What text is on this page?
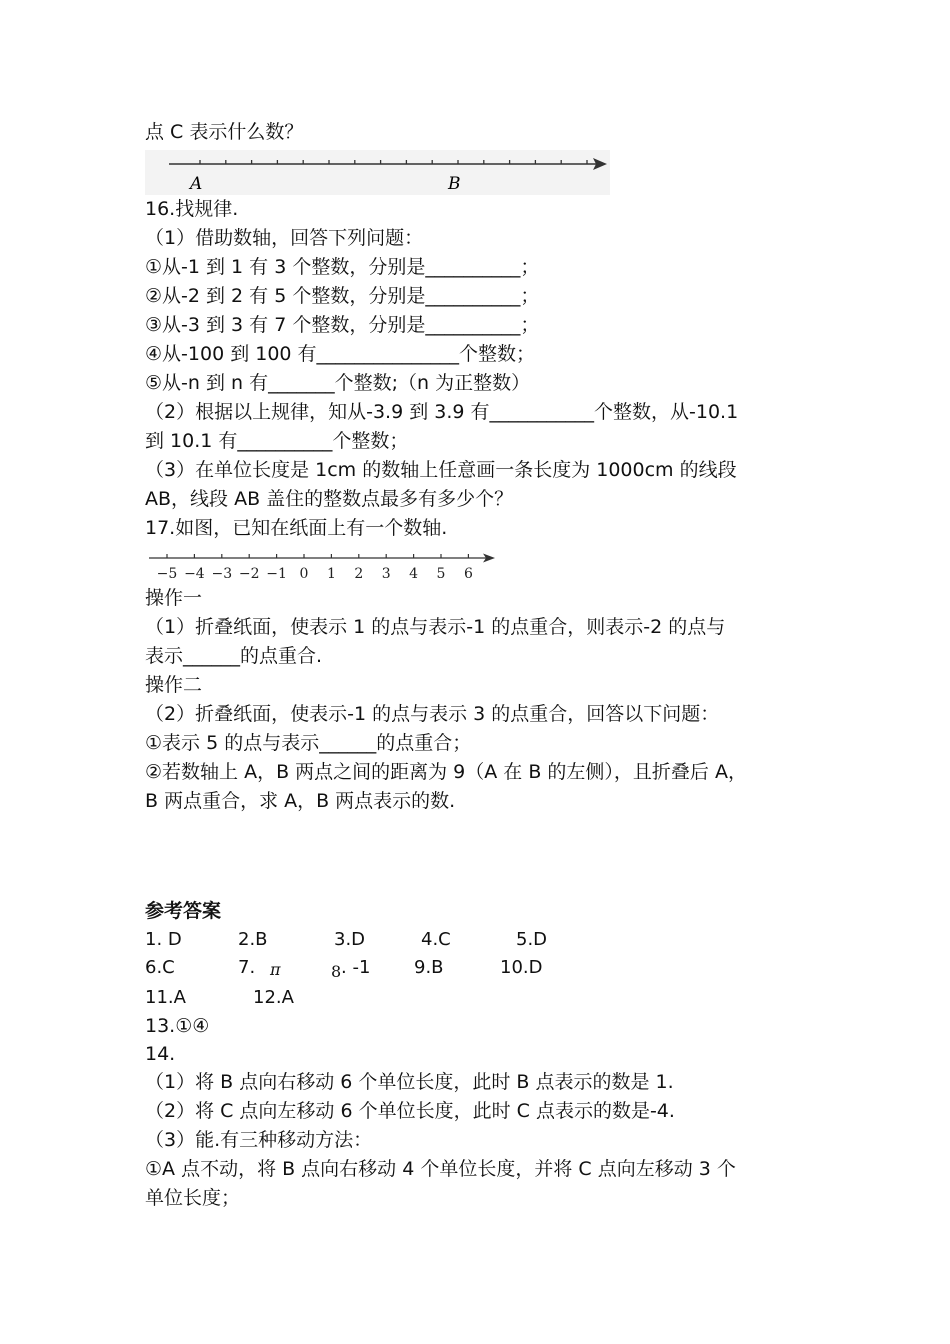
点 C 表示什么数？
A	B
16.找规律.
（1）借助数轴，回答下列问题：
①从-1 到 1 有 3 个整数，分别是__________；
②从-2 到 2 有 5 个整数，分别是__________；
③从-3 到 3 有 7 个整数，分别是__________；
④从-100 到 100 有_______________个整数；
⑤从-n 到 n 有_______个整数;（n 为正整数）
（2）根据以上规律，知从-3.9 到 3.9 有___________个整数，从-10.1
到 10.1 有__________个整数；
（3）在单位长度是 1cm 的数轴上任意画一条长度为 1000cm 的线段
AB，线段 AB 盖住的整数点最多有多少个？
17.如图，已知在纸面上有一个数轴.
−5 −4 −3 −2 −1 0 1 2 3 4 5 6
操作一
（1）折叠纸面，使表示 1 的点与表示-1 的点重合，则表示-2 的点与
表示______的点重合.
操作二
（2）折叠纸面，使表示-1 的点与表示 3 的点重合，回答以下问题：
①表示 5 的点与表示______的点重合；
②若数轴上 A，B 两点之间的距离为 9（A 在 B 的左侧），且折叠后 A，
B 两点重合，求 A，B 两点表示的数.
参考答案
1. D	2.B	3.D	4.C	5.D
6.C	7. π	8 . -1 9.B	10.D
11.A	12.A
13.①④
14.
（1）将 B 点向右移动 6 个单位长度，此时 B 点表示的数是 1.
（2）将 C 点向左移动 6 个单位长度，此时 C 点表示的数是-4.
（3）能.有三种移动方法：
①A 点不动，将 B 点向右移动 4 个单位长度，并将 C 点向左移动 3 个
单位长度；
